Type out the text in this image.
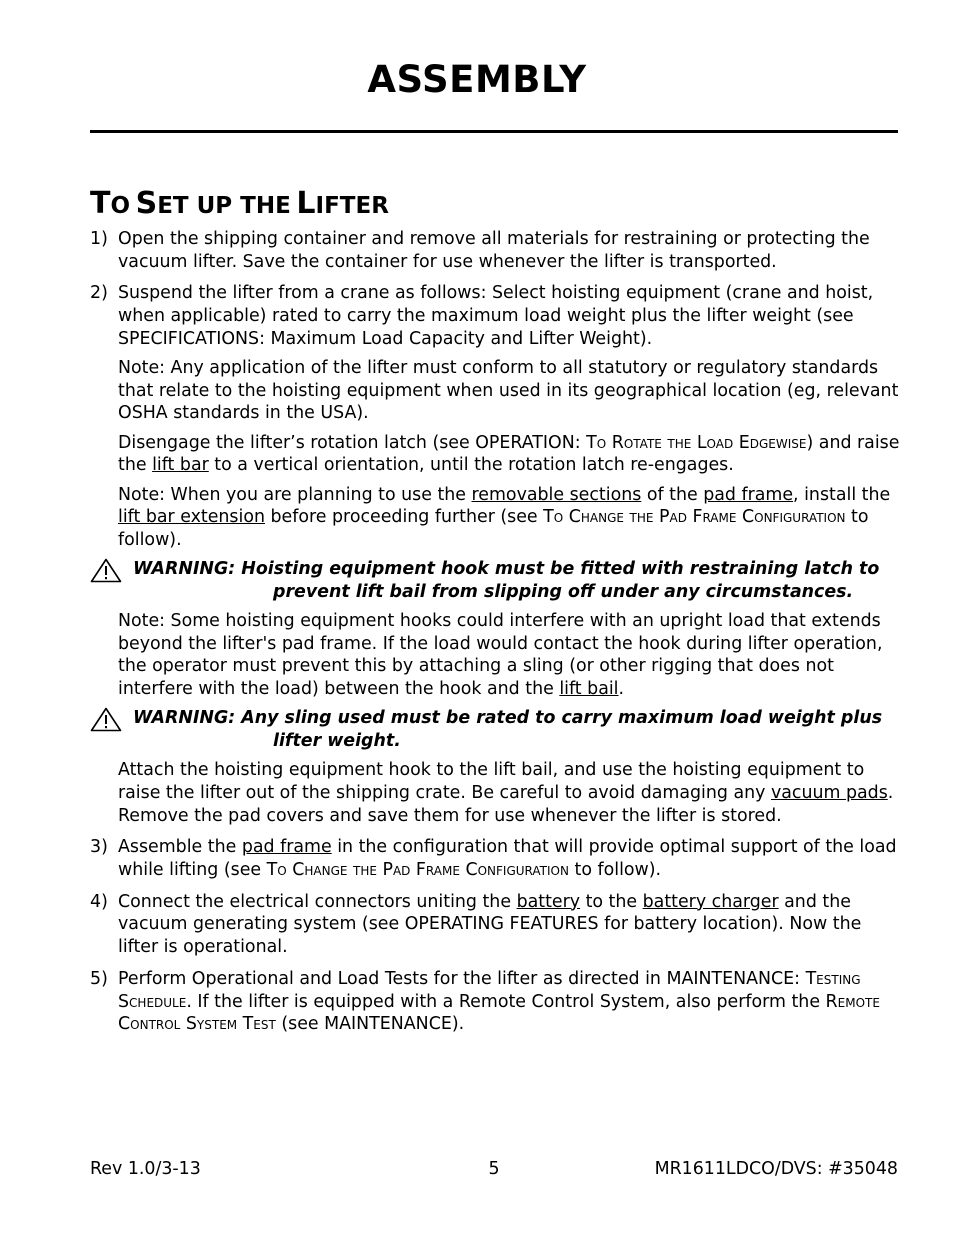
ASSEMBLY
TO SET UP THE LIFTER
1) Open the shipping container and remove all materials for restraining or protecting the vacuum lifter. Save the container for use whenever the lifter is transported.

2) Suspend the lifter from a crane as follows: Select hoisting equipment (crane and hoist, when applicable) rated to carry the maximum load weight plus the lifter weight (see SPECIFICATIONS: Maximum Load Capacity and Lifter Weight).

Note: Any application of the lifter must conform to all statutory or regulatory standards that relate to the hoisting equipment when used in its geographical location (eg, relevant OSHA standards in the USA).

Disengage the lifter’s rotation latch (see OPERATION: To Rotate the Load Edgewise) and raise the lift bar to a vertical orientation, until the rotation latch re-engages.

Note: When you are planning to use the removable sections of the pad frame, install the lift bar extension before proceeding further (see To Change the Pad Frame Configuration to follow).

WARNING: Hoisting equipment hook must be fitted with restraining latch to
prevent lift bail from slipping off under any circumstances.

Note: Some hoisting equipment hooks could interfere with an upright load that extends beyond the lifter's pad frame. If the load would contact the hook during lifter operation, the operator must prevent this by attaching a sling (or other rigging that does not interfere with the load) between the hook and the lift bail.

WARNING: Any sling used must be rated to carry maximum load weight plus
lifter weight.

Attach the hoisting equipment hook to the lift bail, and use the hoisting equipment to raise the lifter out of the shipping crate. Be careful to avoid damaging any vacuum pads. Remove the pad covers and save them for use whenever the lifter is stored.

3) Assemble the pad frame in the configuration that will provide optimal support of the load while lifting (see To Change the Pad Frame Configuration to follow).

4) Connect the electrical connectors uniting the battery to the battery charger and the vacuum generating system (see OPERATING FEATURES for battery location). Now the lifter is operational.

5) Perform Operational and Load Tests for the lifter as directed in MAINTENANCE: Testing Schedule. If the lifter is equipped with a Remote Control System, also perform the Remote Control System Test (see MAINTENANCE).

Rev 1.0/3-13	5	MR1611LDCO/DVS: #35048
